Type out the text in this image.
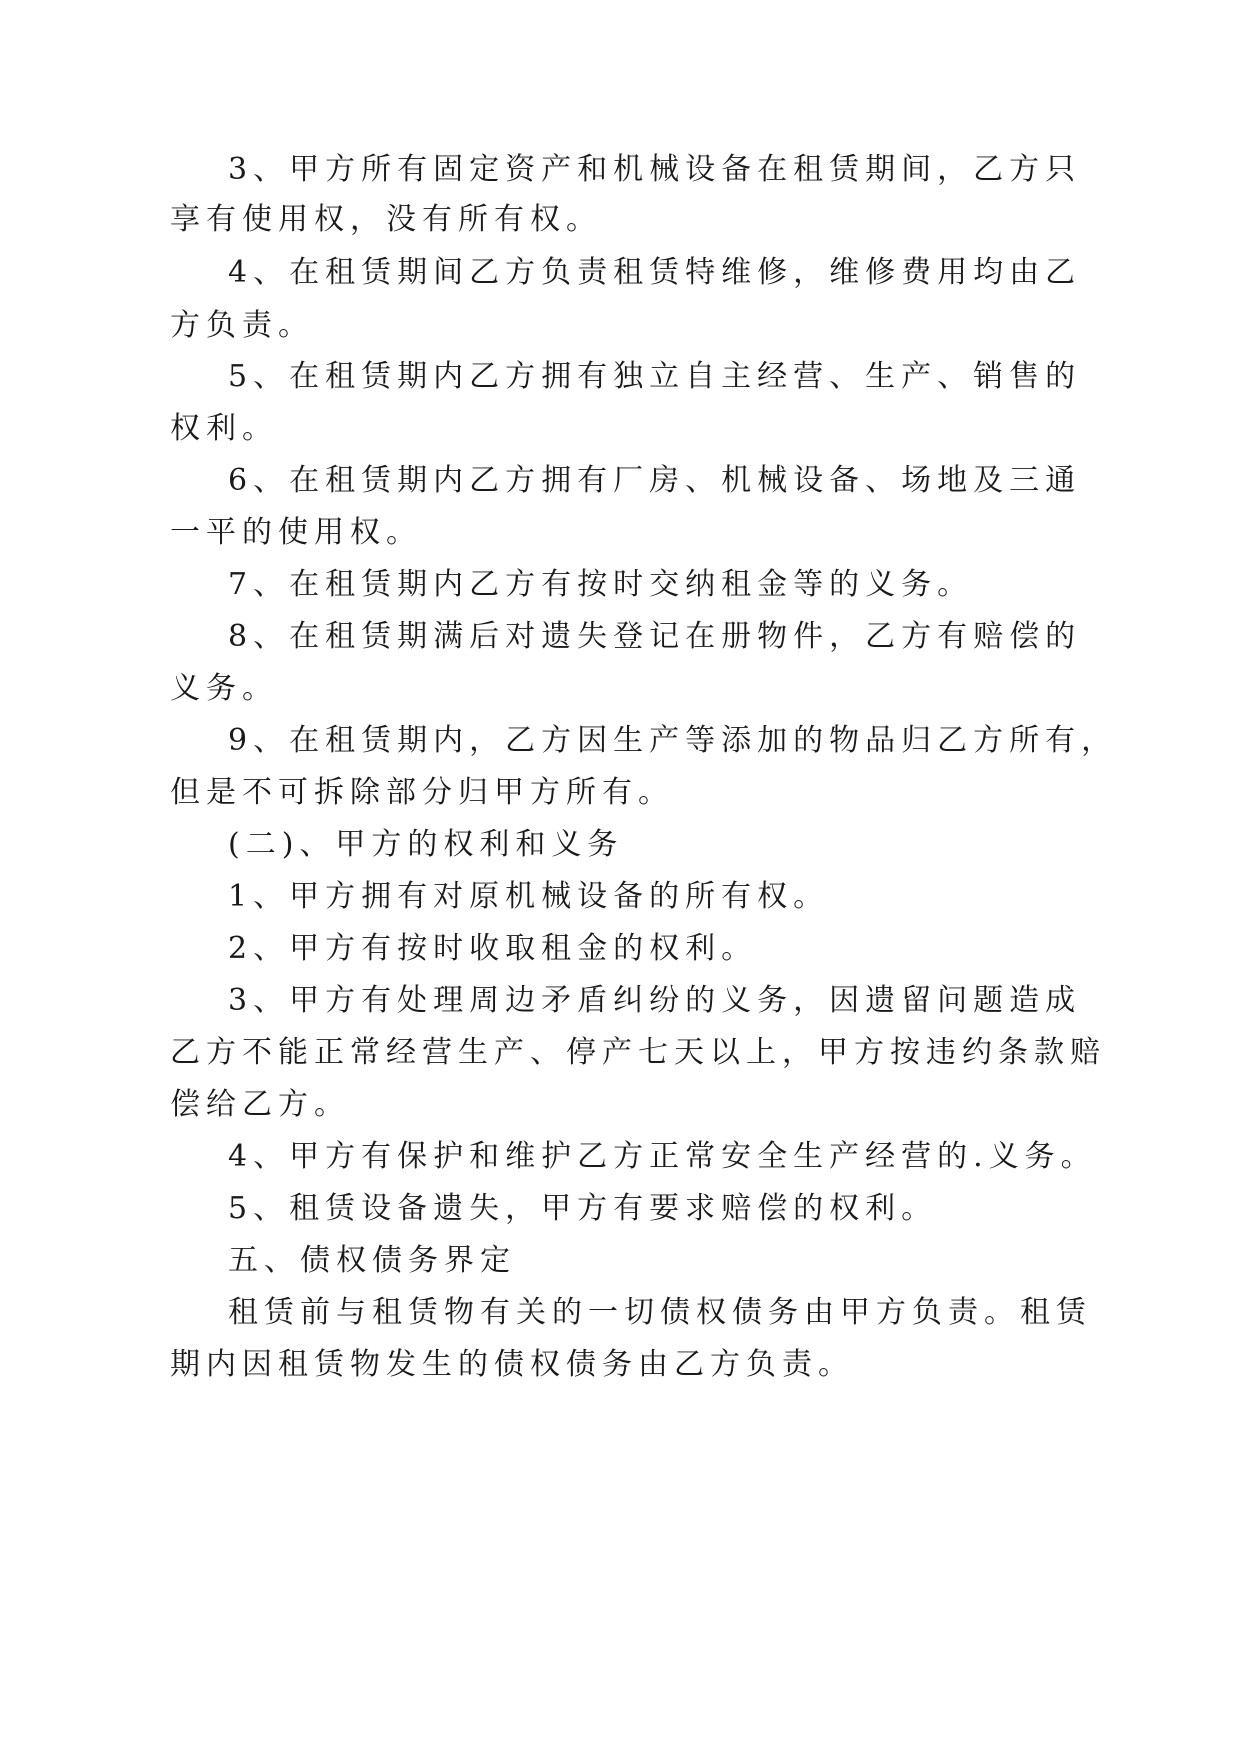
3、甲方所有固定资产和机械设备在租赁期间，乙方只
享有使用权，没有所有权。
4、在租赁期间乙方负责租赁特维修，维修费用均由乙
方负责。
5、在租赁期内乙方拥有独立自主经营、生产、销售的
权利。
6、在租赁期内乙方拥有厂房、机械设备、场地及三通
一平的使用权。
7、在租赁期内乙方有按时交纳租金等的义务。
8、在租赁期满后对遗失登记在册物件，乙方有赔偿的
义务。
9、在租赁期内，乙方因生产等添加的物品归乙方所有，
但是不可拆除部分归甲方所有。
(二)、甲方的权利和义务
1、甲方拥有对原机械设备的所有权。
2、甲方有按时收取租金的权利。
3、甲方有处理周边矛盾纠纷的义务，因遗留问题造成
乙方不能正常经营生产、停产七天以上，甲方按违约条款赔
偿给乙方。
4、甲方有保护和维护乙方正常安全生产经营的.义务。
5、租赁设备遗失，甲方有要求赔偿的权利。
五、债权债务界定
租赁前与租赁物有关的一切债权债务由甲方负责。租赁
期内因租赁物发生的债权债务由乙方负责。
